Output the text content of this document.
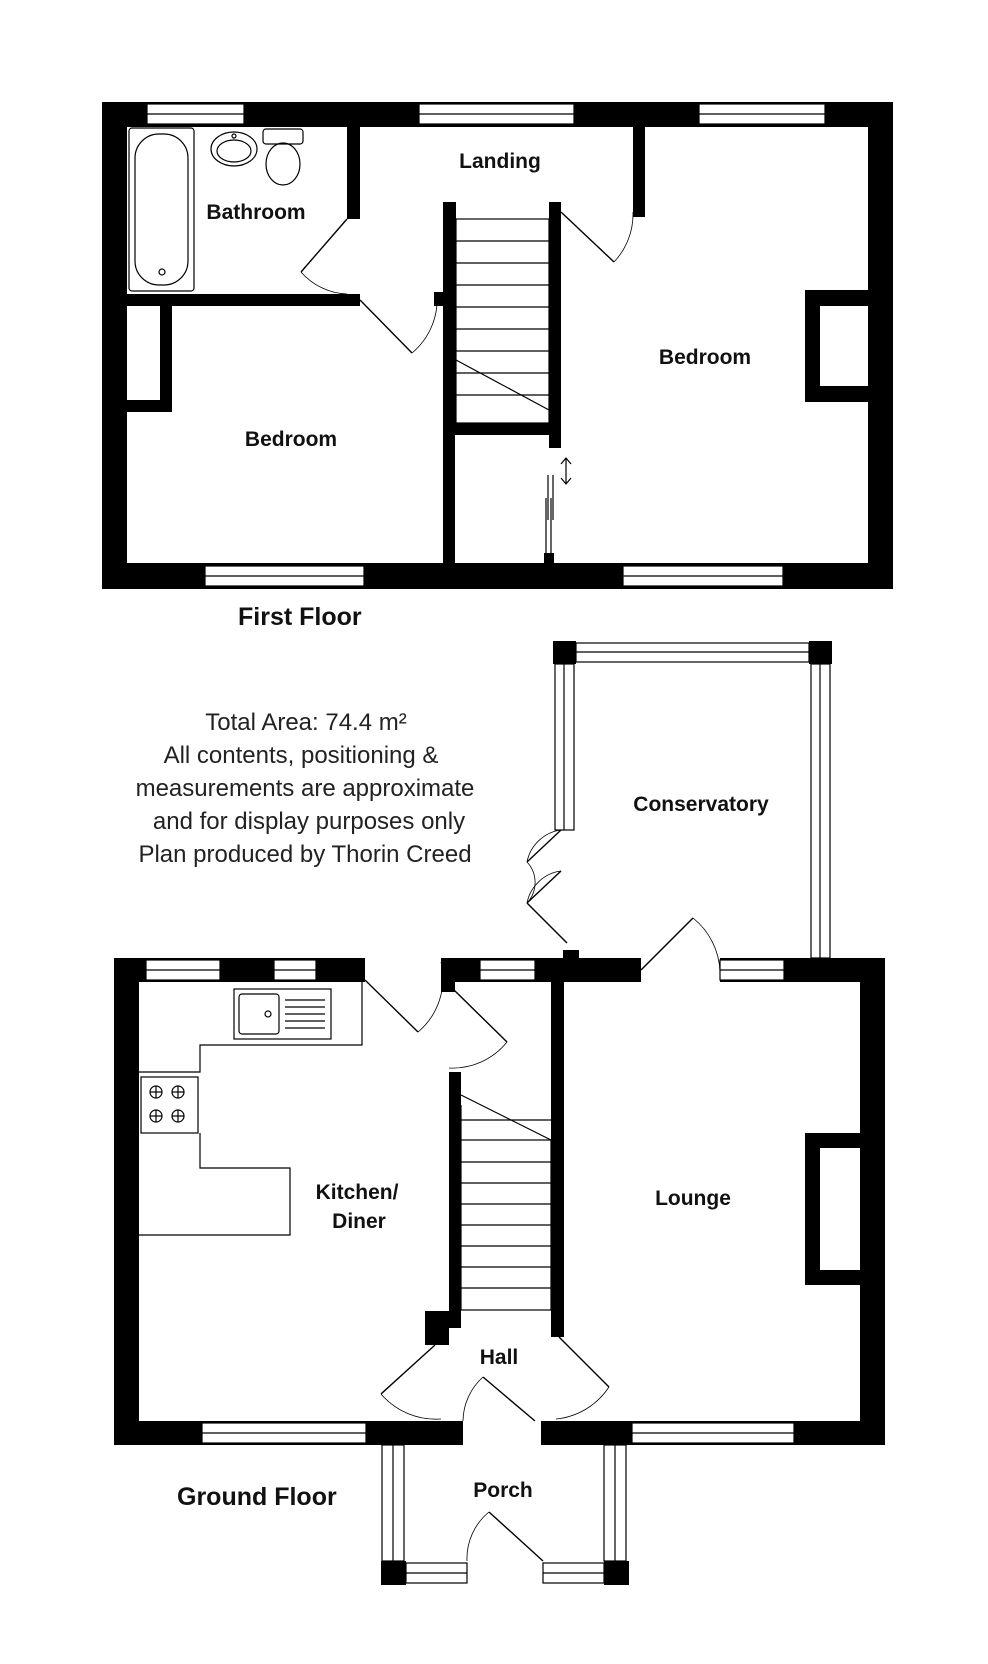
Bathroom
Landing
Bedroom
Bedroom
First Floor
Total Area: 74.4 m²
All contents, positioning &
measurements are approximate
and for display purposes only
Plan produced by Thorin Creed
Conservatory
Kitchen/
Diner
Lounge
Hall
Porch
Ground Floor
